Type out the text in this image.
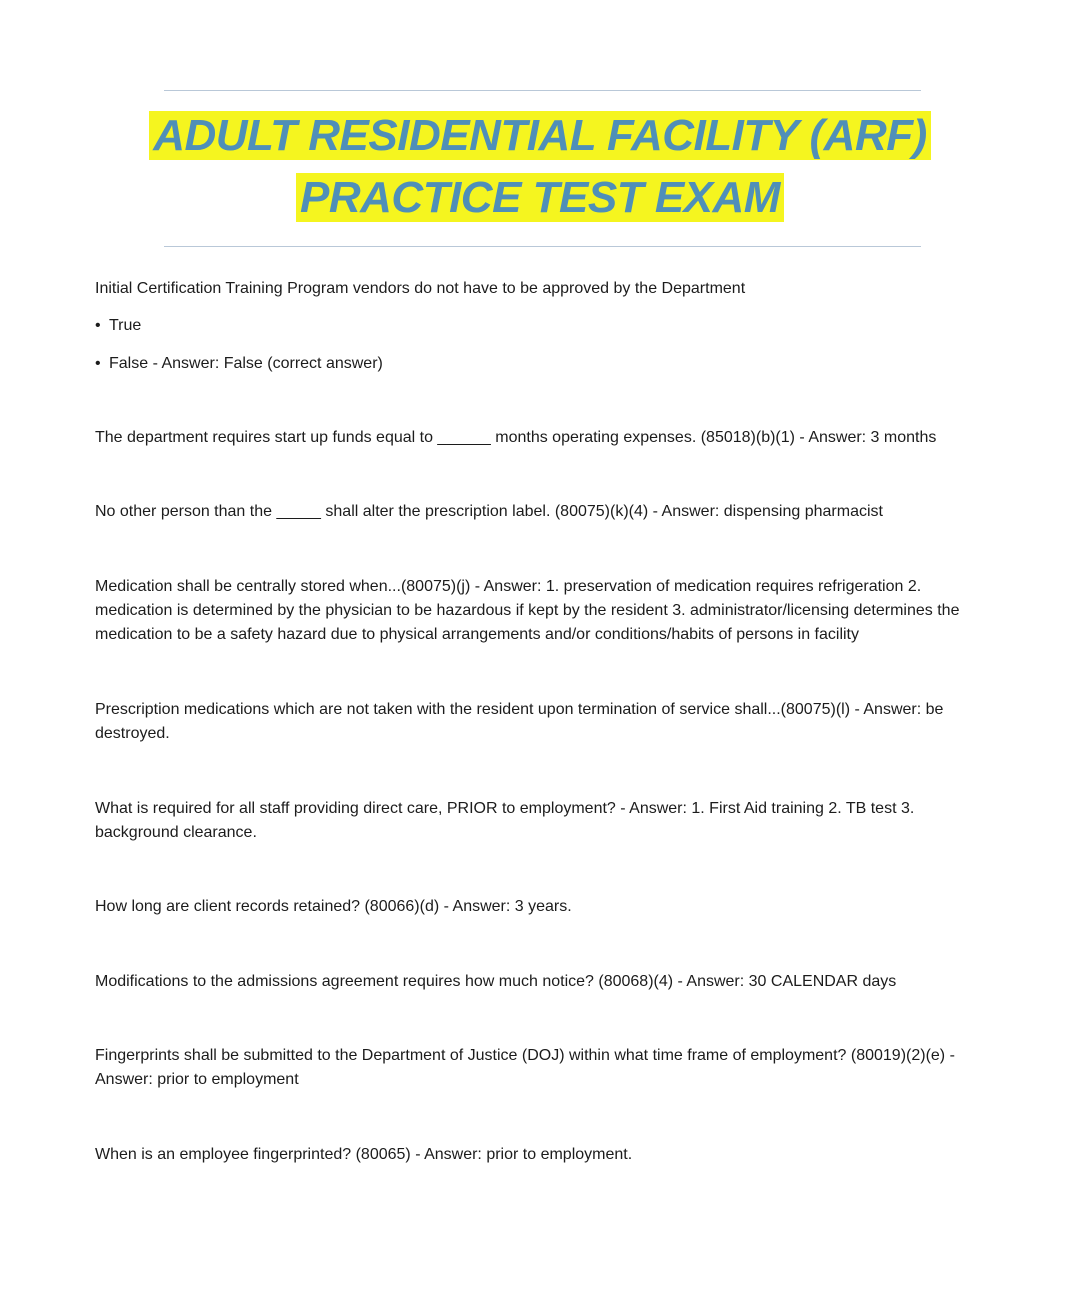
ADULT RESIDENTIAL FACILITY (ARF)
PRACTICE TEST EXAM
Initial Certification Training Program vendors do not have to be approved by the Department
• True
• False - Answer: False (correct answer)
The department requires start up funds equal to ______ months operating expenses. (85018)(b)(1) - Answer: 3 months
No other person than the _____ shall alter the prescription label. (80075)(k)(4) - Answer: dispensing pharmacist
Medication shall be centrally stored when...(80075)(j) - Answer: 1. preservation of medication requires refrigeration 2. medication is determined by the physician to be hazardous if kept by the resident 3. administrator/licensing determines the medication to be a safety hazard due to physical arrangements and/or conditions/habits of persons in facility
Prescription medications which are not taken with the resident upon termination of service shall...(80075)(l) - Answer: be destroyed.
What is required for all staff providing direct care, PRIOR to employment? - Answer: 1. First Aid training 2. TB test 3. background clearance.
How long are client records retained? (80066)(d) - Answer: 3 years.
Modifications to the admissions agreement requires how much notice? (80068)(4) - Answer: 30 CALENDAR days
Fingerprints shall be submitted to the Department of Justice (DOJ) within what time frame of employment? (80019)(2)(e) - Answer: prior to employment
When is an employee fingerprinted? (80065) - Answer: prior to employment.
